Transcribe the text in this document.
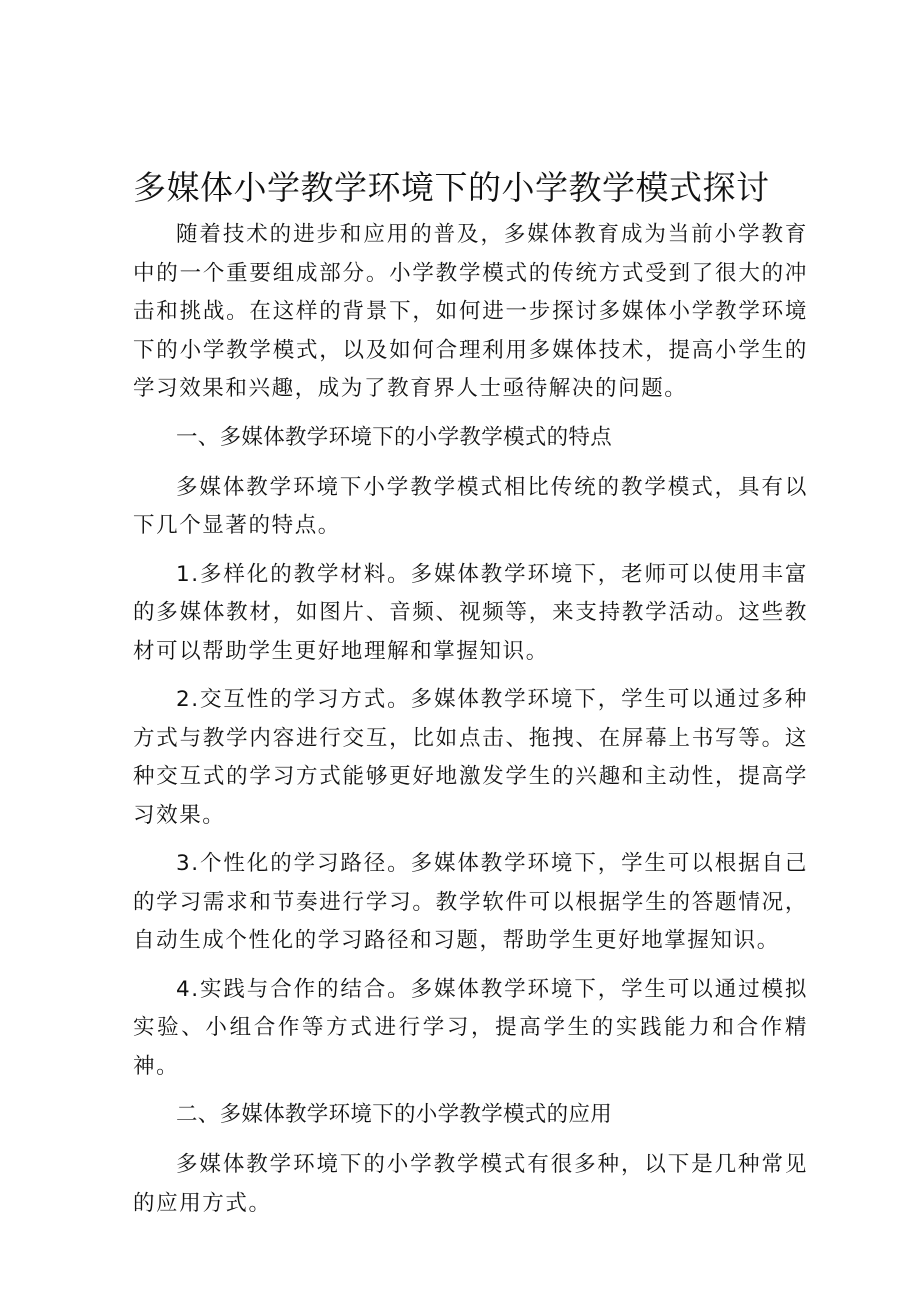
多媒体小学教学环境下的小学教学模式探讨

随着技术的进步和应用的普及，多媒体教育成为当前小学教育中的一个重要组成部分。小学教学模式的传统方式受到了很大的冲击和挑战。在这样的背景下，如何进一步探讨多媒体小学教学环境下的小学教学模式，以及如何合理利用多媒体技术，提高小学生的学习效果和兴趣，成为了教育界人士亟待解决的问题。

一、多媒体教学环境下的小学教学模式的特点

多媒体教学环境下小学教学模式相比传统的教学模式，具有以下几个显著的特点。

1.多样化的教学材料。多媒体教学环境下，老师可以使用丰富的多媒体教材，如图片、音频、视频等，来支持教学活动。这些教材可以帮助学生更好地理解和掌握知识。

2.交互性的学习方式。多媒体教学环境下，学生可以通过多种方式与教学内容进行交互，比如点击、拖拽、在屏幕上书写等。这种交互式的学习方式能够更好地激发学生的兴趣和主动性，提高学习效果。

3.个性化的学习路径。多媒体教学环境下，学生可以根据自己的学习需求和节奏进行学习。教学软件可以根据学生的答题情况，自动生成个性化的学习路径和习题，帮助学生更好地掌握知识。

4.实践与合作的结合。多媒体教学环境下，学生可以通过模拟实验、小组合作等方式进行学习，提高学生的实践能力和合作精神。

二、多媒体教学环境下的小学教学模式的应用

多媒体教学环境下的小学教学模式有很多种，以下是几种常见的应用方式。
